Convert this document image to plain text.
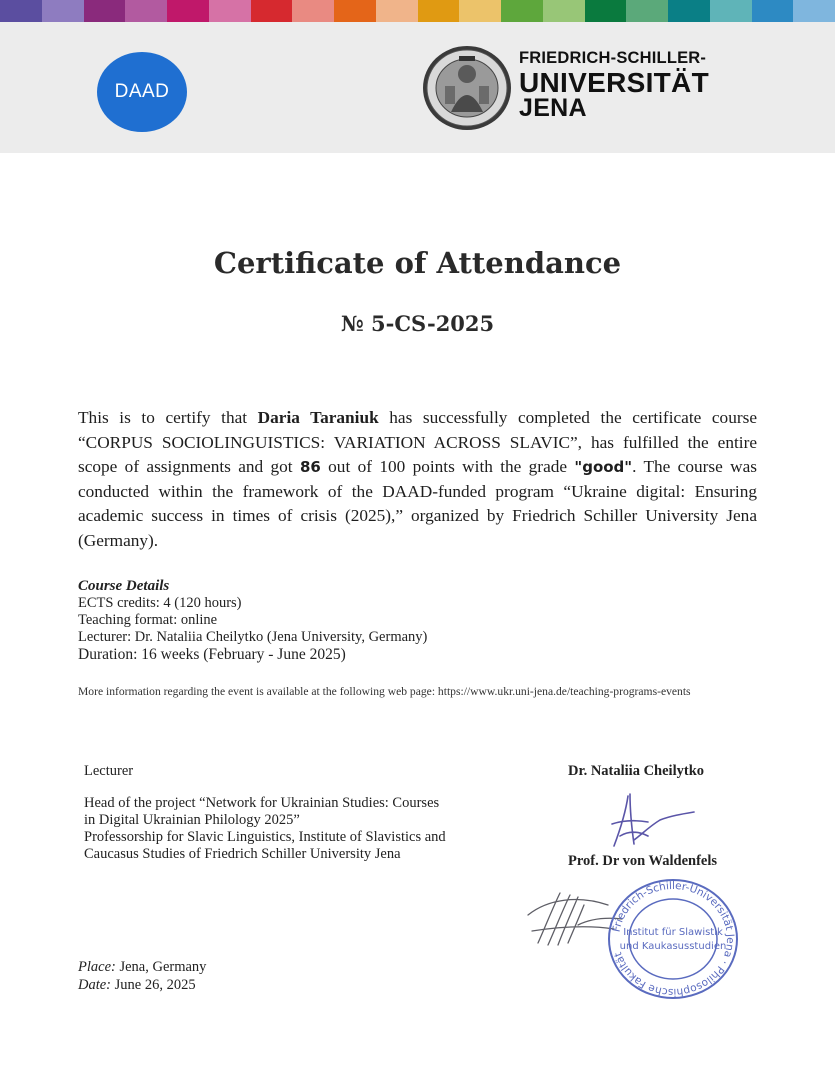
DAAD
FRIEDRICH-SCHILLER-
UNIVERSITÄT
JENA
Certificate of Attendance
№ 5-CS-2025
This is to certify that Daria Taraniuk has successfully completed the certificate course “CORPUS SOCIOLINGUISTICS: VARIATION ACROSS SLAVIC”, has fulfilled the entire scope of assignments and got 86 out of 100 points with the grade "good". The course was conducted within the framework of the DAAD-funded program “Ukraine digital: Ensuring academic success in times of crisis (2025),” organized by Friedrich Schiller University Jena (Germany).
Course Details
ECTS credits: 4 (120 hours)
Teaching format: online
Lecturer: Dr. Nataliia Cheilytko (Jena University, Germany)
Duration: 16 weeks (February - June 2025)
More information regarding the event is available at the following web page: https://www.ukr.uni-jena.de/teaching-programs-events
Lecturer	Dr. Nataliia Cheilytko
Head of the project “Network for Ukrainian Studies: Courses
in Digital Ukrainian Philology 2025”
Professorship for Slavic Linguistics, Institute of Slavistics and
Caucasus Studies of Friedrich Schiller University Jena	Prof. Dr von Waldenfels
Friedrich-Schiller-Universität Jena · Philosophische Fakultät
Institut für Slawistik
und Kaukasusstudien
Place: Jena, Germany
Date: June 26, 2025
